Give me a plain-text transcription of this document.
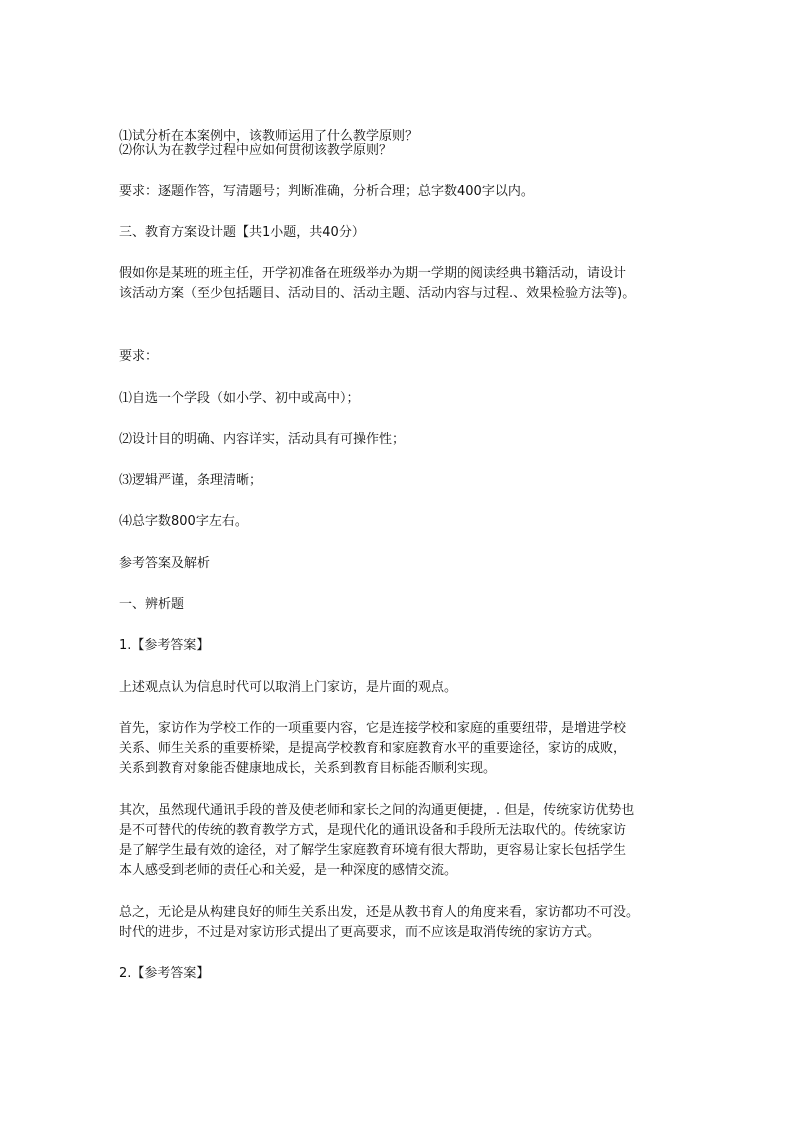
⑴试分析在本案例中，该教师运用了什么教学原则？

⑵你认为在教学过程中应如何贯彻该教学原则？

要求：逐题作答，写清题号；判断准确，分析合理；总字数400字以内。

三、教育方案设计题【共1小题，共40分）

假如你是某班的班主任，开学初准备在班级举办为期一学期的阅读经典书籍活动，请设计

该活动方案（至少包括题目、活动目的、活动主题、活动内容与过程.、效果检验方法等)。

要求：

⑴自选一个学段（如小学、初中或高中）；

⑵设计目的明确、内容详实，活动具有可操作性；

⑶逻辑严谨，条理清晰；

⑷总字数800字左右。

参考答案及解析

一、辨析题

1.【参考答案】

上述观点认为信息时代可以取消上门家访，是片面的观点。

首先，家访作为学校工作的一项重要内容，它是连接学校和家庭的重要纽带，是增进学校

关系、师生关系的重要桥梁，是提高学校教育和家庭教育水平的重要途径，家访的成败，

关系到教育对象能否健康地成长，关系到教育目标能否顺利实现。

其次，虽然现代通讯手段的普及使老师和家长之间的沟通更便捷，. 但是，传统家访优势也

是不可替代的传统的教育教学方式，是现代化的通讯设备和手段所无法取代的。传统家访

是了解学生最有效的途径，对了解学生家庭教育环境有很大帮助，更容易让家长包括学生

本人感受到老师的责任心和关爱，是一种深度的感情交流。

总之，无论是从构建良好的师生关系出发，还是从教书育人的角度来看，家访都功不可没。

时代的进步，不过是对家访形式提出了更高要求，而不应该是取消传统的家访方式。

2.【参考答案】
